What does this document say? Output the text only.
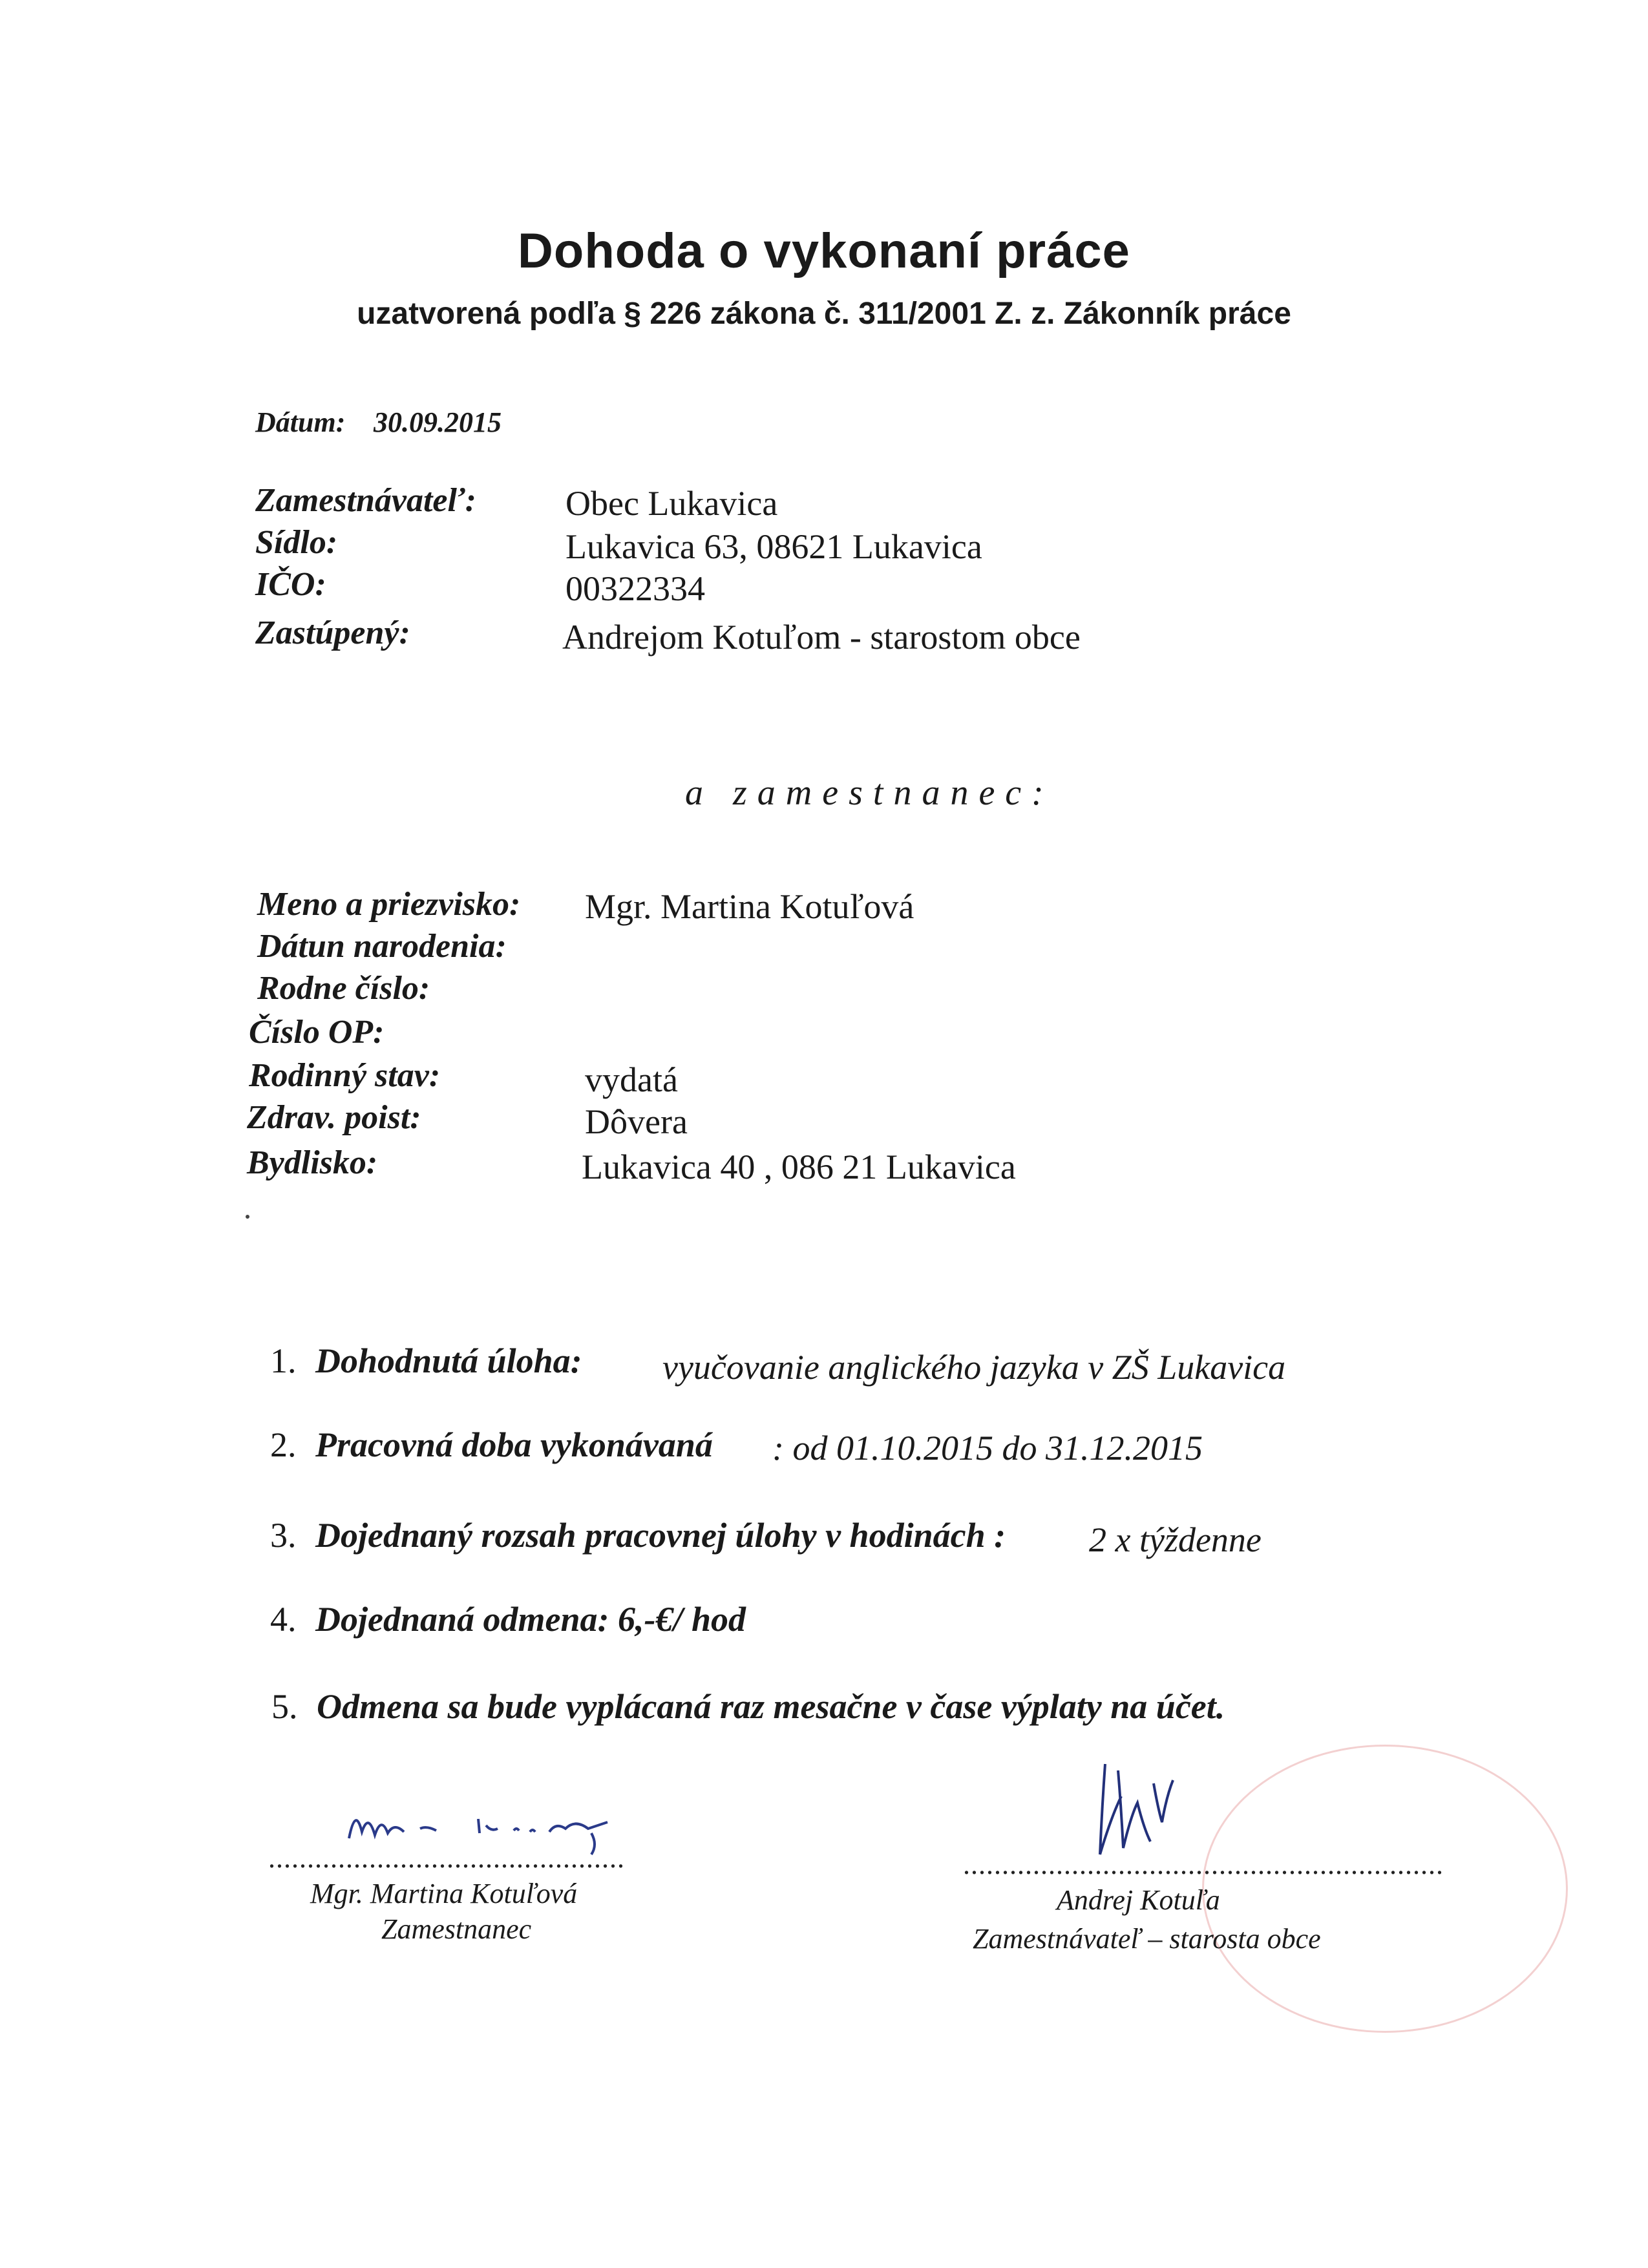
Dohoda o vykonaní práce
uzatvorená podľa § 226 zákona č. 311/2001 Z. z. Zákonník práce
Dátum: 30.09.2015
Zamestnávateľ:	Obec Lukavica
Sídlo:	Lukavica 63, 08621 Lukavica
IČO:	00322334
Zastúpený:	Andrejom Kotuľom - starostom obce
a zamestnanec:
Meno a priezvisko: Mgr. Martina Kotuľová
Dátun narodenia:
Rodne číslo:
Číslo OP:
Rodinný stav:	vydatá
Zdrav. poist:	Dôvera
Bydlisko:	Lukavica 40 , 086 21 Lukavica
1. Dohodnutá úloha: vyučovanie anglického jazyka v ZŠ Lukavica
2. Pracovná doba vykonávaná : od 01.10.2015 do 31.12.2015
3. Dojednaný rozsah pracovnej úlohy v hodinách : 2 x týždenne
4. Dojednaná odmena: 6,-€/ hod
5. Odmena sa bude vyplácaná raz mesačne v čase výplaty na účet.
..............................................
Mgr. Martina Kotuľová
Zamestnanec
..............................................................
Andrej Kotuľa
Zamestnávateľ – starosta obce
